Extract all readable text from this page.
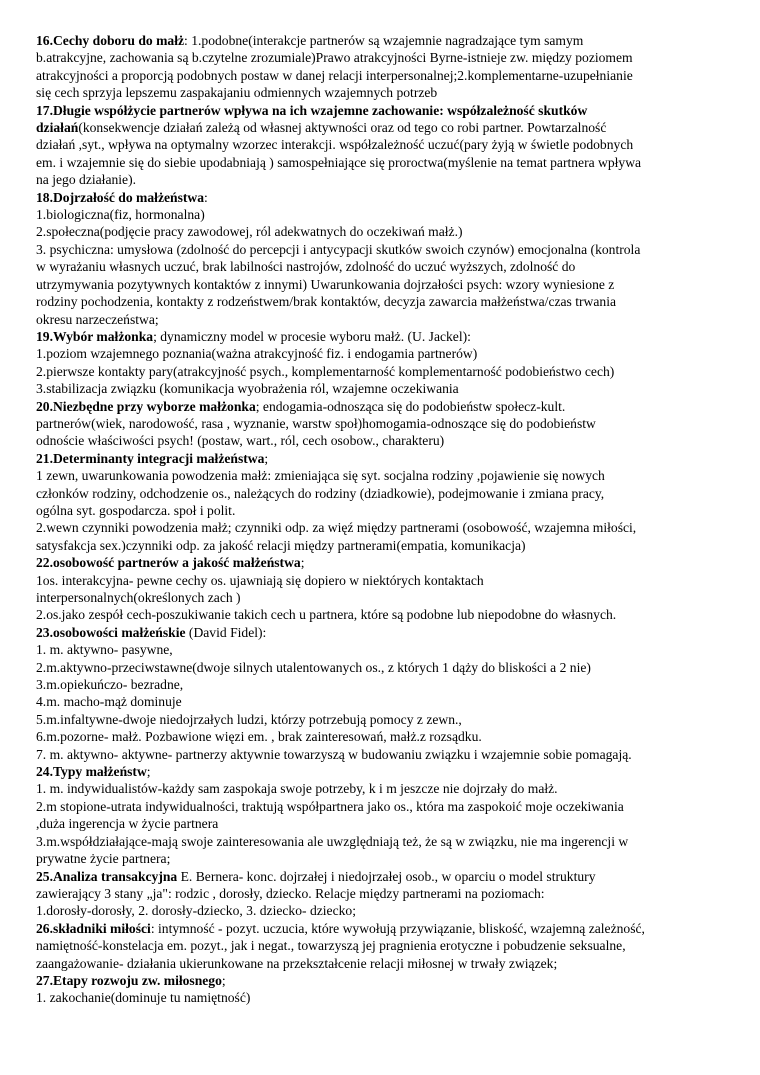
16.Cechy doboru do małż: 1.podobne(interakcje partnerów są wzajemnie nagradzające tym samym
b.atrakcyjne, zachowania są b.czytelne zrozumiale)Prawo atrakcyjności Byrne-istnieje zw. między poziomem
atrakcyjności a proporcją podobnych postaw w danej relacji interpersonalnej;2.komplementarne-uzupełnianie
się cech sprzyja lepszemu zaspakajaniu odmiennych wzajemnych potrzeb
17.Długie współżycie partnerów wpływa na ich wzajemne zachowanie: współzależność skutków
działań(konsekwencje działań zależą od własnej aktywności oraz od tego co robi partner. Powtarzalność
działań ,syt., wpływa na optymalny wzorzec interakcji. współzależność uczuć(pary żyją w świetle podobnych
em. i wzajemnie się do siebie upodabniają ) samospełniające się proroctwa(myślenie na temat partnera wpływa
na jego działanie).
18.Dojrzałość do małżeństwa:
1.biologiczna(fiz, hormonalna)
2.społeczna(podjęcie pracy zawodowej, ról adekwatnych do oczekiwań małż.)
3. psychiczna: umysłowa (zdolność do percepcji i antycypacji skutków swoich czynów) emocjonalna (kontrola
w wyrażaniu własnych uczuć, brak labilności nastrojów, zdolność do uczuć wyższych, zdolność do
utrzymywania pozytywnych kontaktów z innymi) Uwarunkowania dojrzałości psych: wzory wyniesione z
rodziny pochodzenia, kontakty z rodzeństwem/brak kontaktów, decyzja zawarcia małżeństwa/czas trwania
okresu narzeczeństwa;
19.Wybór małżonka; dynamiczny model w procesie wyboru małż. (U. Jackel):
1.poziom wzajemnego poznania(ważna atrakcyjność fiz. i endogamia partnerów)
2.pierwsze kontakty pary(atrakcyjność psych., komplementarność komplementarność podobieństwo cech)
3.stabilizacja związku (komunikacja wyobrażenia ról, wzajemne oczekiwania
20.Niezbędne przy wyborze małżonka; endogamia-odnosząca się do podobieństw społecz-kult.
partnerów(wiek, narodowość, rasa , wyznanie, warstw społ)homogamia-odnoszące się do podobieństw
odnoście właściwości psych! (postaw, wart., ról, cech osobow., charakteru)
21.Determinanty integracji małżeństwa;
1 zewn, uwarunkowania powodzenia małż: zmieniająca się syt. socjalna rodziny ,pojawienie się nowych
członków rodziny, odchodzenie os., należących do rodziny (dziadkowie), podejmowanie i zmiana pracy,
ogólna syt. gospodarcza. społ i polit.
2.wewn czynniki powodzenia małż; czynniki odp. za więź między partnerami (osobowość, wzajemna miłości,
satysfakcja sex.)czynniki odp. za jakość relacji między partnerami(empatia, komunikacja)
22.osobowość partnerów a jakość małżeństwa;
1os. interakcyjna- pewne cechy os. ujawniają się dopiero w niektórych kontaktach
interpersonalnych(określonych zach )
2.os.jako zespół cech-poszukiwanie takich cech u partnera, które są podobne lub niepodobne do własnych.
23.osobowości małżeńskie (David Fidel):
1. m. aktywno- pasywne,
2.m.aktywno-przeciwstawne(dwoje silnych utalentowanych os., z których 1 dąży do bliskości a 2 nie)
3.m.opiekuńczo- bezradne,
4.m. macho-mąż dominuje
5.m.infaltywne-dwoje niedojrzałych ludzi, którzy potrzebują pomocy z zewn.,
6.m.pozorne- małż. Pozbawione więzi em. , brak zainteresowań, małż.z rozsądku.
7. m. aktywno- aktywne- partnerzy aktywnie towarzyszą w budowaniu związku i wzajemnie sobie pomagają.
24.Typy małżeństw;
1. m. indywidualistów-każdy sam zaspokaja swoje potrzeby, k i m jeszcze nie dojrzały do małż.
2.m stopione-utrata indywidualności, traktują współpartnera jako os., która ma zaspokoić moje oczekiwania
,duża ingerencja w życie partnera
3.m.współdziałające-mają swoje zainteresowania ale uwzględniają też, że są w związku, nie ma ingerencji w
prywatne życie partnera;
25.Analiza transakcyjna E. Bernera- konc. dojrzałej i niedojrzałej osob., w oparciu o model struktury
zawierający 3 stany „ja": rodzic , dorosły, dziecko. Relacje między partnerami na poziomach:
1.dorosły-dorosły, 2. dorosły-dziecko, 3. dziecko- dziecko;
26.składniki miłości: intymność - pozyt. uczucia, które wywołują przywiązanie, bliskość, wzajemną zależność,
namiętność-konstelacja em. pozyt., jak i negat., towarzyszą jej pragnienia erotyczne i pobudzenie seksualne,
zaangażowanie- działania ukierunkowane na przekształcenie relacji miłosnej w trwały związek;
27.Etapy rozwoju zw. miłosnego;
1. zakochanie(dominuje tu namiętność)
